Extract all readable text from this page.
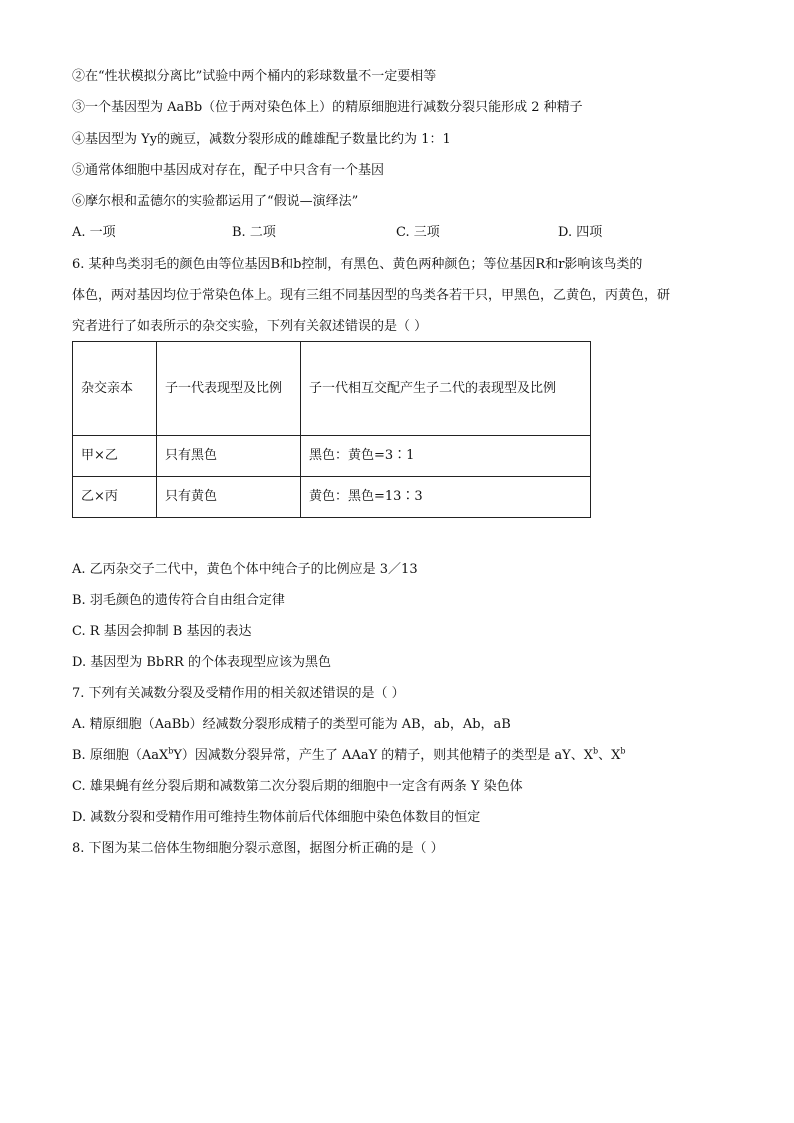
②在“性状模拟分离比”试验中两个桶内的彩球数量不一定要相等
③一个基因型为 AaBb（位于两对染色体上）的精原细胞进行减数分裂只能形成 2 种精子
④基因型为 Yy的豌豆，减数分裂形成的雌雄配子数量比约为 1：1
⑤通常体细胞中基因成对存在，配子中只含有一个基因
⑥摩尔根和孟德尔的实验都运用了“假说—演绎法”
A. 一项	B. 二项	C. 三项	D. 四项
6. 某种鸟类羽毛的颜色由等位基因B和b控制，有黑色、黄色两种颜色；等位基因R和r影响该鸟类的
体色，两对基因均位于常染色体上。现有三组不同基因型的鸟类各若干只，甲黑色，乙黄色，丙黄色，研
究者进行了如表所示的杂交实验，下列有关叙述错误的是（ ）
杂交亲本	子一代表现型及比例	子一代相互交配产生子二代的表现型及比例
甲×乙	只有黑色	黑色：黄色=3∶1
乙×丙	只有黄色	黄色：黑色=13∶3
A. 乙丙杂交子二代中，黄色个体中纯合子的比例应是 3／13
B. 羽毛颜色的遗传符合自由组合定律
C. R 基因会抑制 B 基因的表达
D. 基因型为 BbRR 的个体表现型应该为黑色
7. 下列有关减数分裂及受精作用的相关叙述错误的是（ ）
A. 精原细胞（AaBb）经减数分裂形成精子的类型可能为 AB，ab，Ab，aB
B. 原细胞（AaX$^b$Y）因减数分裂异常，产生了 AAaY 的精子，则其他精子的类型是 aY、$X^b$、$X^b$
C. 雄果蝇有丝分裂后期和减数第二次分裂后期的细胞中一定含有两条 Y 染色体
D. 减数分裂和受精作用可维持生物体前后代体细胞中染色体数目的恒定
8. 下图为某二倍体生物细胞分裂示意图，据图分析正确的是（ ）
